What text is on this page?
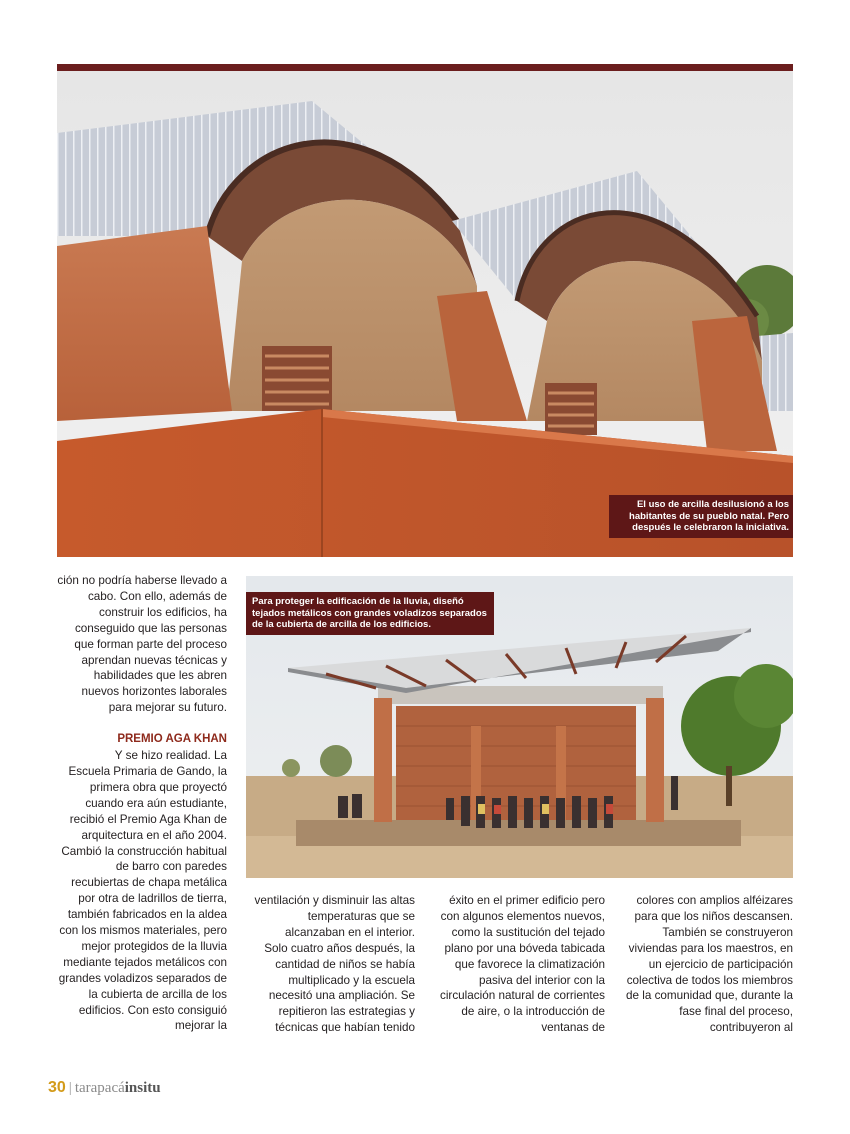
El uso de arcilla desilusionó a los habitantes de su pueblo natal. Pero después le celebraron la iniciativa.
Para proteger la edificación de la lluvia, diseñó tejados metálicos con grandes voladizos separados de la cubierta de arcilla de los edificios.

ción no podría haberse llevado a cabo. Con ello, además de construir los edificios, ha conseguido que las personas que forman parte del proceso aprendan nuevas técnicas y habilidades que les abren nuevos horizontes laborales para mejorar su futuro.

PREMIO AGA KHAN

Y se hizo realidad. La Escuela Primaria de Gando, la primera obra que proyectó cuando era aún estudiante, recibió el Premio Aga Khan de arquitectura en el año 2004. Cambió la construcción habitual de barro con paredes recubiertas de chapa metálica por otra de ladrillos de tierra, también fabricados en la aldea con los mismos materiales, pero mejor protegidos de la lluvia mediante tejados metálicos con grandes voladizos separados de la cubierta de arcilla de los edificios. Con esto consiguió mejorar la

ventilación y disminuir las altas temperaturas que se alcanzaban en el interior.

Solo cuatro años después, la cantidad de niños se había multiplicado y la escuela necesitó una ampliación. Se repitieron las estrategias y técnicas que habían tenido

éxito en el primer edificio pero con algunos elementos nuevos, como la sustitución del tejado plano por una bóveda tabicada que favorece la climatización pasiva del interior con la circulación natural de corrientes de aire, o la introducción de ventanas de

colores con amplios alféizares para que los niños descansen.

También se construyeron viviendas para los maestros, en un ejercicio de participación colectiva de todos los miembros de la comunidad que, durante la fase final del proceso, contribuyeron al

30 | tarapacá insitu
